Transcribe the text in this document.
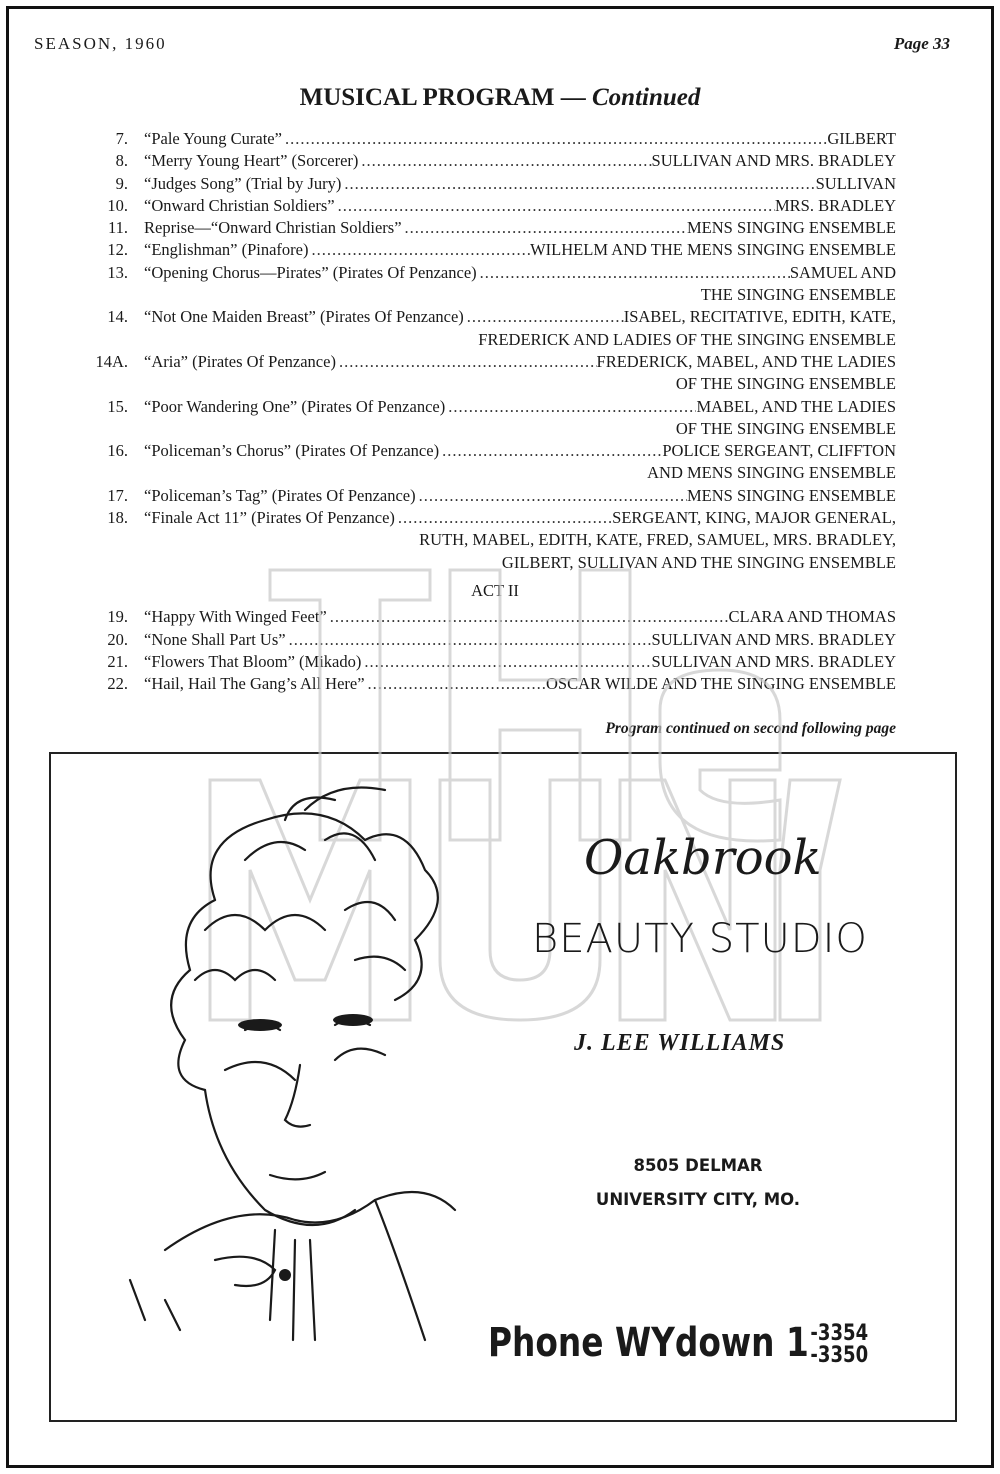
SEASON, 1960	Page 33
MUSICAL PROGRAM — Continued
7. “Pale Young Curate” .....	GILBERT
8. “Merry Young Heart” (Sorcerer) .....	SULLIVAN AND MRS. BRADLEY
9. “Judges Song” (Trial by Jury) .....	SULLIVAN
10. “Onward Christian Soldiers” .....	MRS. BRADLEY
11. Reprise—“Onward Christian Soldiers” .....	MENS SINGING ENSEMBLE
12. “Englishman” (Pinafore) .....	WILHELM AND THE MENS SINGING ENSEMBLE
13. “Opening Chorus—Pirates” (Pirates Of Penzance) .....	SAMUEL AND
THE SINGING ENSEMBLE
14. “Not One Maiden Breast” (Pirates Of Penzance) .....	ISABEL, RECITATIVE, EDITH, KATE,
FREDERICK AND LADIES OF THE SINGING ENSEMBLE
14A. “Aria” (Pirates Of Penzance) .....	FREDERICK, MABEL, AND THE LADIES
OF THE SINGING ENSEMBLE
15. “Poor Wandering One” (Pirates Of Penzance) .....	MABEL, AND THE LADIES
OF THE SINGING ENSEMBLE
16. “Policeman’s Chorus” (Pirates Of Penzance) .....	POLICE SERGEANT, CLIFFTON
AND MENS SINGING ENSEMBLE
17. “Policeman’s Tag” (Pirates Of Penzance) .....	MENS SINGING ENSEMBLE
18. “Finale Act 11” (Pirates Of Penzance) .....	SERGEANT, KING, MAJOR GENERAL,
RUTH, MABEL, EDITH, KATE, FRED, SAMUEL, MRS. BRADLEY,
GILBERT, SULLIVAN AND THE SINGING ENSEMBLE
ACT II
19. “Happy With Winged Feet” .....	CLARA AND THOMAS
20. “None Shall Part Us” .....	SULLIVAN AND MRS. BRADLEY
21. “Flowers That Bloom” (Mikado) .....	SULLIVAN AND MRS. BRADLEY
22. “Hail, Hail The Gang’s All Here” .....	OSCAR WILDE AND THE SINGING ENSEMBLE
Program continued on second following page
Oakbrook
BEAUTY STUDIO
J. LEE WILLIAMS
8505 DELMAR
UNIVERSITY CITY, MO.
Phone WYdown 1-3354
-3350
